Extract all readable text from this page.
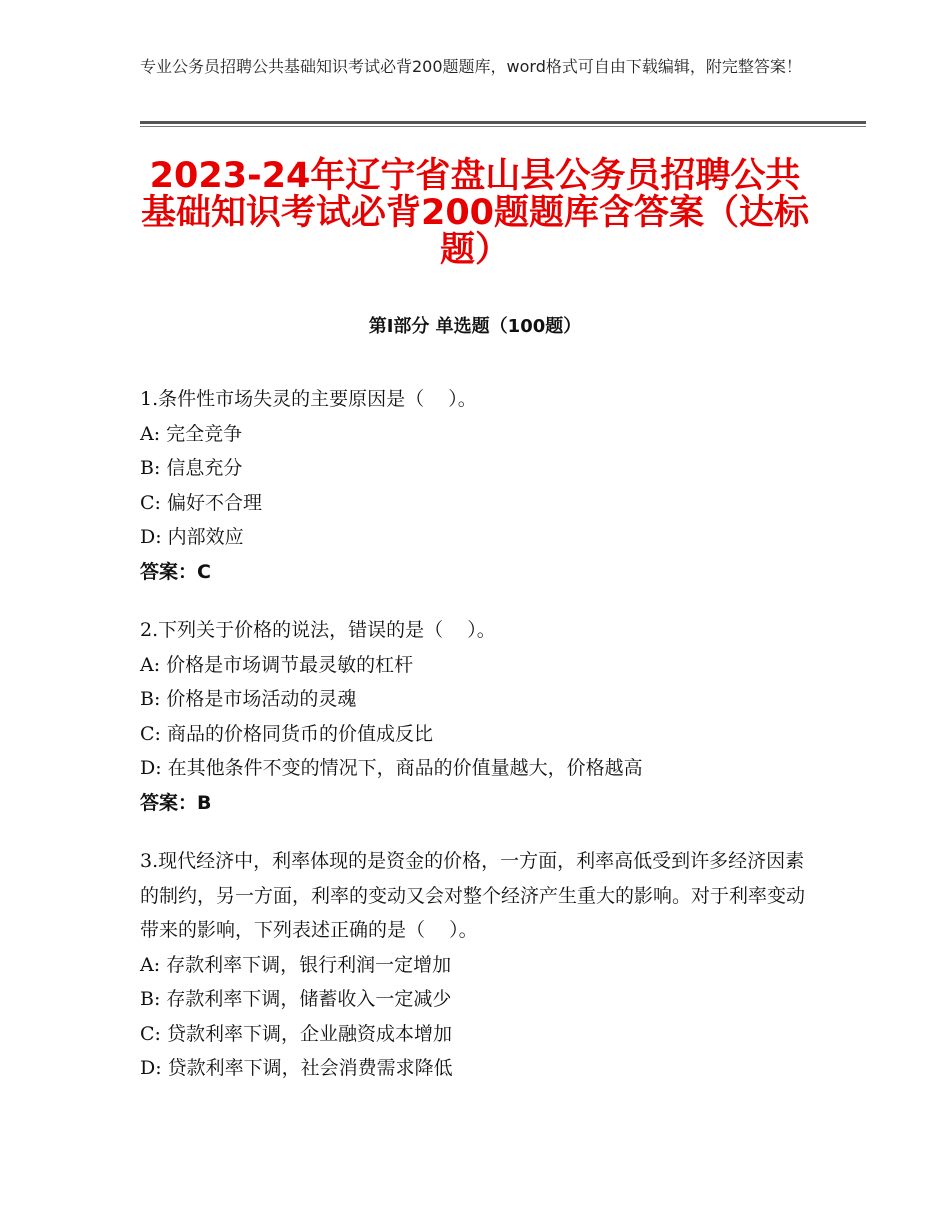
专业公务员招聘公共基础知识考试必背200题题库，word格式可自由下载编辑，附完整答案！
2023-24年辽宁省盘山县公务员招聘公共基础知识考试必背200题题库含答案（达标题）
第Ⅰ部分 单选题（100题）
1.条件性市场失灵的主要原因是（    ）。
A: 完全竞争
B: 信息充分
C: 偏好不合理
D: 内部效应
答案：C
2.下列关于价格的说法，错误的是（    ）。
A: 价格是市场调节最灵敏的杠杆
B: 价格是市场活动的灵魂
C: 商品的价格同货币的价值成反比
D: 在其他条件不变的情况下，商品的价值量越大，价格越高
答案：B
3.现代经济中，利率体现的是资金的价格，一方面，利率高低受到许多经济因素的制约，另一方面，利率的变动又会对整个经济产生重大的影响。对于利率变动带来的影响，下列表述正确的是（    ）。
A: 存款利率下调，银行利润一定增加
B: 存款利率下调，储蓄收入一定减少
C: 贷款利率下调，企业融资成本增加
D: 贷款利率下调，社会消费需求降低
